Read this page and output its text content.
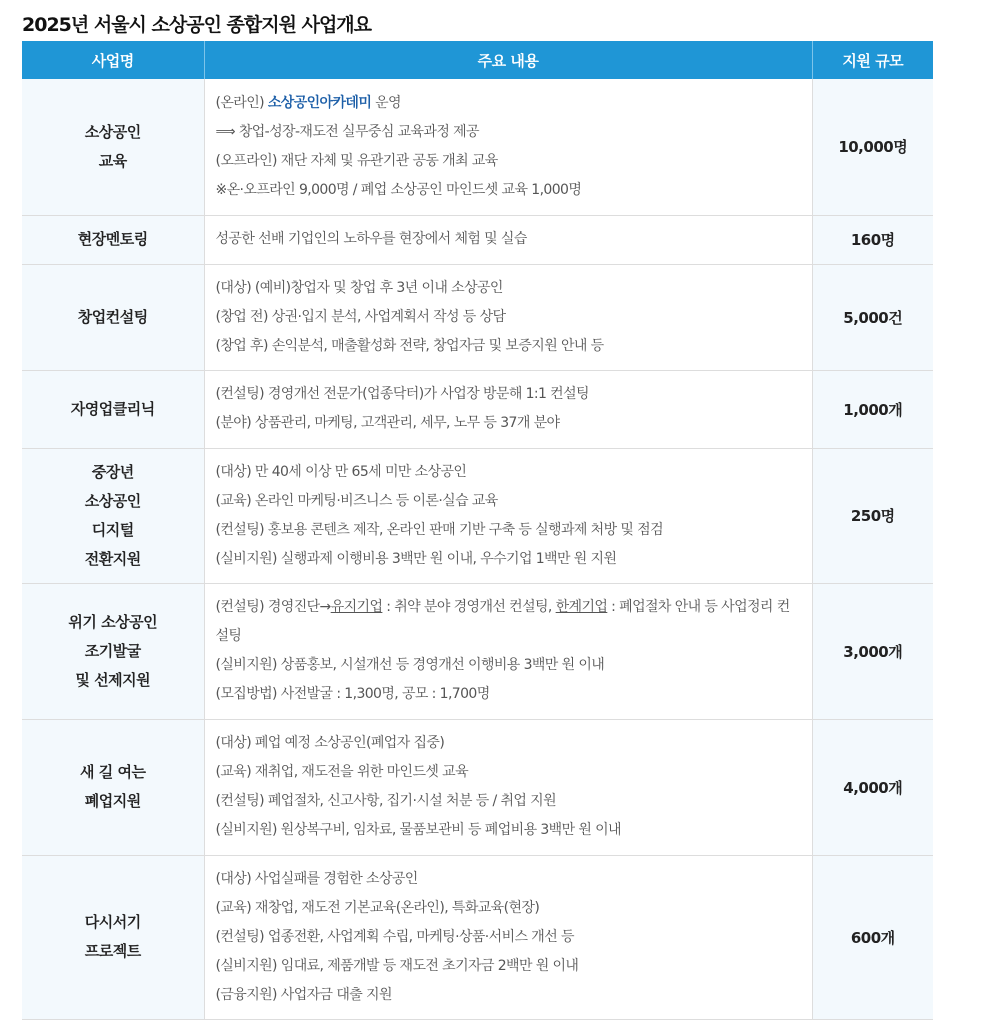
2025년 서울시 소상공인 종합지원 사업개요
사업명	주요 내용	지원 규모

소상공인
교육	(온라인) 소상공인아카데미 운영
⟹ 창업-성장-재도전 실무중심 교육과정 제공
(오프라인) 재단 자체 및 유관기관 공동 개최 교육
※온·오프라인 9,000명 / 폐업 소상공인 마인드셋 교육 1,000명	10,000명

현장멘토링	성공한 선배 기업인의 노하우를 현장에서 체험 및 실습	160명

창업컨설팅	(대상) (예비)창업자 및 창업 후 3년 이내 소상공인
(창업 전) 상권·입지 분석, 사업계획서 작성 등 상담
(창업 후) 손익분석, 매출활성화 전략, 창업자금 및 보증지원 안내 등	5,000건

자영업클리닉	(컨설팅) 경영개선 전문가(업종닥터)가 사업장 방문해 1:1 컨설팅
(분야) 상품관리, 마케팅, 고객관리, 세무, 노무 등 37개 분야	1,000개

중장년
소상공인
디지털
전환지원	(대상) 만 40세 이상 만 65세 미만 소상공인
(교육) 온라인 마케팅·비즈니스 등 이론·실습 교육
(컨설팅) 홍보용 콘텐츠 제작, 온라인 판매 기반 구축 등 실행과제 처방 및 점검
(실비지원) 실행과제 이행비용 3백만 원 이내, 우수기업 1백만 원 지원	250명

위기 소상공인
조기발굴
및 선제지원	(컨설팅) 경영진단→유지기업 : 취약 분야 경영개선 컨설팅, 한계기업 : 폐업절차 안내 등 사업정리 컨설팅
(실비지원) 상품홍보, 시설개선 등 경영개선 이행비용 3백만 원 이내
(모집방법) 사전발굴 : 1,300명, 공모 : 1,700명	3,000개

새 길 여는
폐업지원	(대상) 폐업 예정 소상공인(폐업자 집중)
(교육) 재취업, 재도전을 위한 마인드셋 교육
(컨설팅) 폐업절차, 신고사항, 집기·시설 처분 등 / 취업 지원
(실비지원) 원상복구비, 임차료, 물품보관비 등 폐업비용 3백만 원 이내	4,000개

다시서기
프로젝트	(대상) 사업실패를 경험한 소상공인
(교육) 재창업, 재도전 기본교육(온라인), 특화교육(현장)
(컨설팅) 업종전환, 사업계획 수립, 마케팅·상품·서비스 개선 등
(실비지원) 임대료, 제품개발 등 재도전 초기자금 2백만 원 이내
(금융지원) 사업자금 대출 지원	600개
